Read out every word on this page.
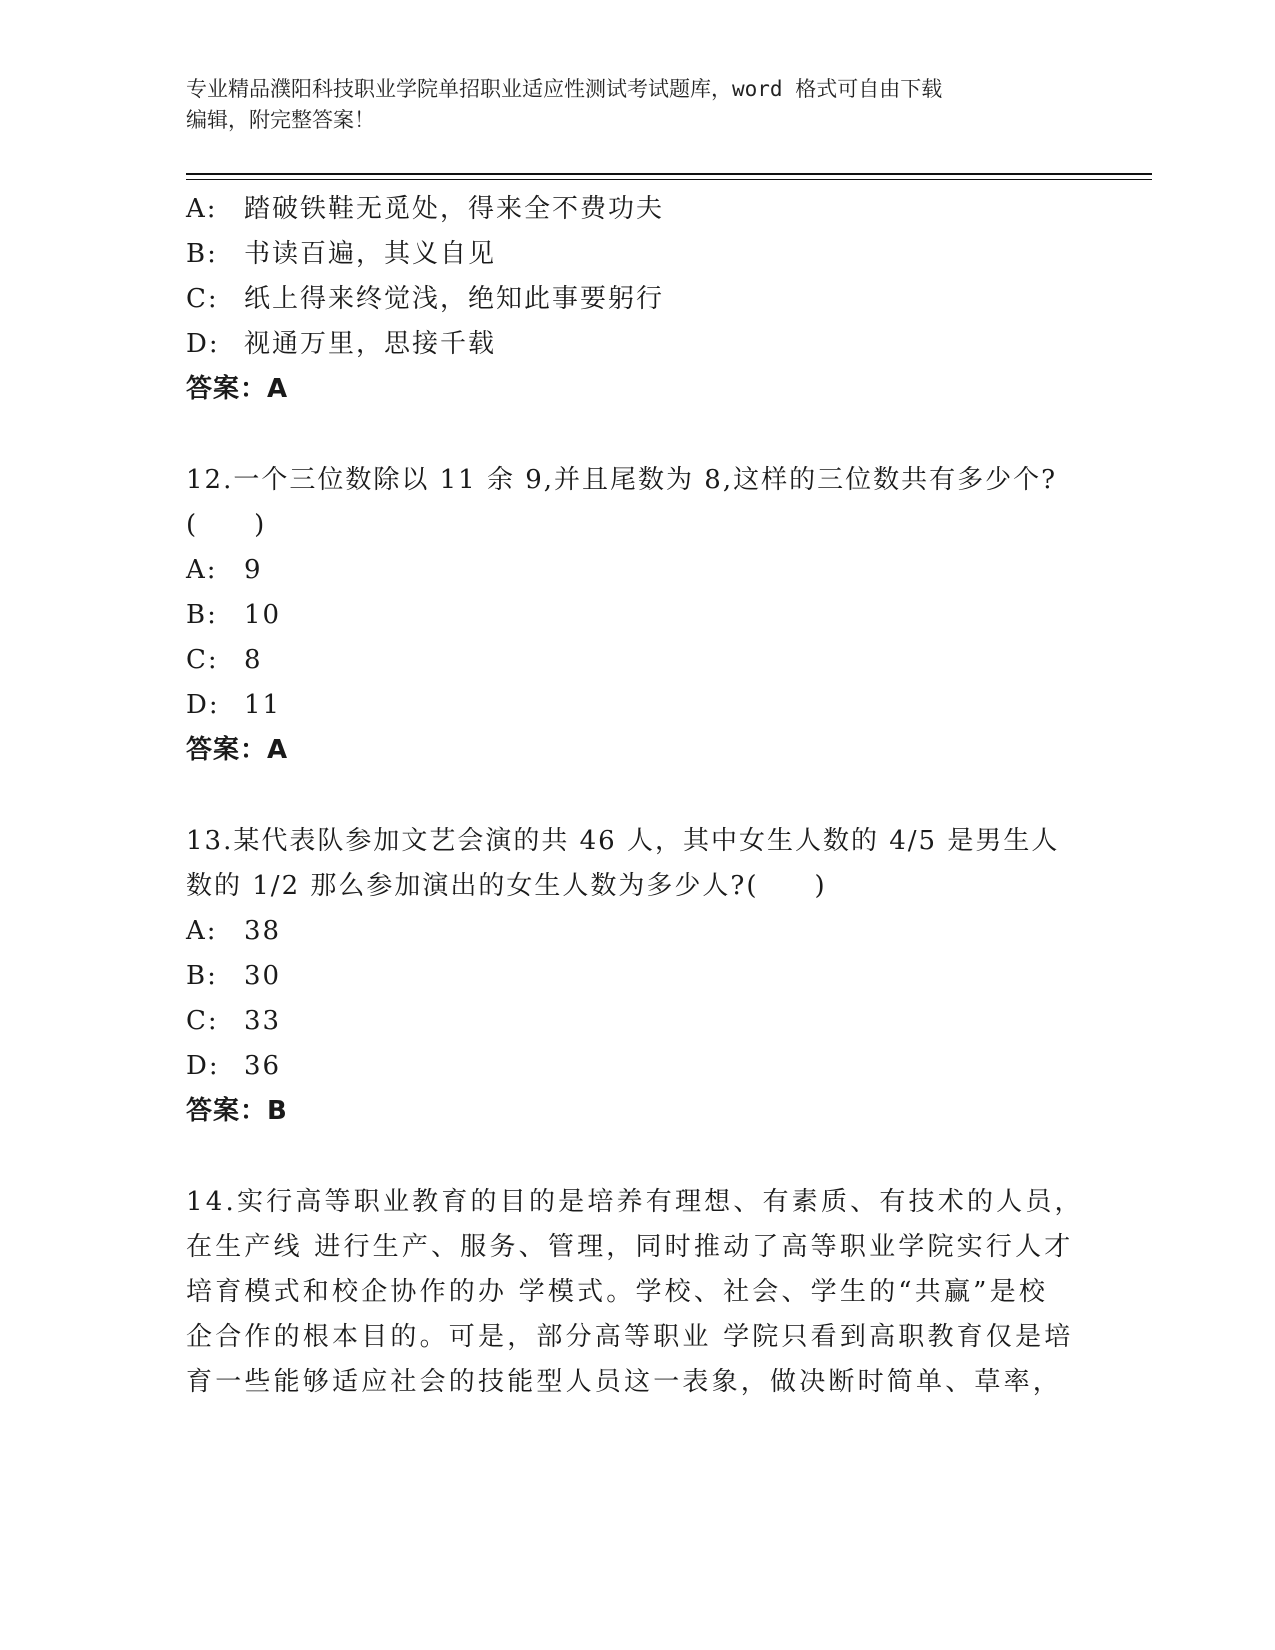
专业精品濮阳科技职业学院单招职业适应性测试考试题库，word 格式可自由下载
编辑，附完整答案！
A: 踏破铁鞋无觅处，得来全不费功夫
B: 书读百遍，其义自见
C: 纸上得来终觉浅，绝知此事要躬行
D: 视通万里，思接千载
答案：A
12.一个三位数除以 11 余 9,并且尾数为 8,这样的三位数共有多少个?
(　　)
A: 9
B: 10
C: 8
D: 11
答案：A
13.某代表队参加文艺会演的共 46 人，其中女生人数的 4/5 是男生人
数的 1/2 那么参加演出的女生人数为多少人?(　　)
A: 38
B: 30
C: 33
D: 36
答案：B
14.实行高等职业教育的目的是培养有理想、有素质、有技术的人员，
在生产线 进行生产、服务、管理，同时推动了高等职业学院实行人才
培育模式和校企协作的办 学模式。学校、社会、学生的“共赢”是校
企合作的根本目的。可是，部分高等职业 学院只看到高职教育仅是培
育一些能够适应社会的技能型人员这一表象，做决断时简单、草率，
